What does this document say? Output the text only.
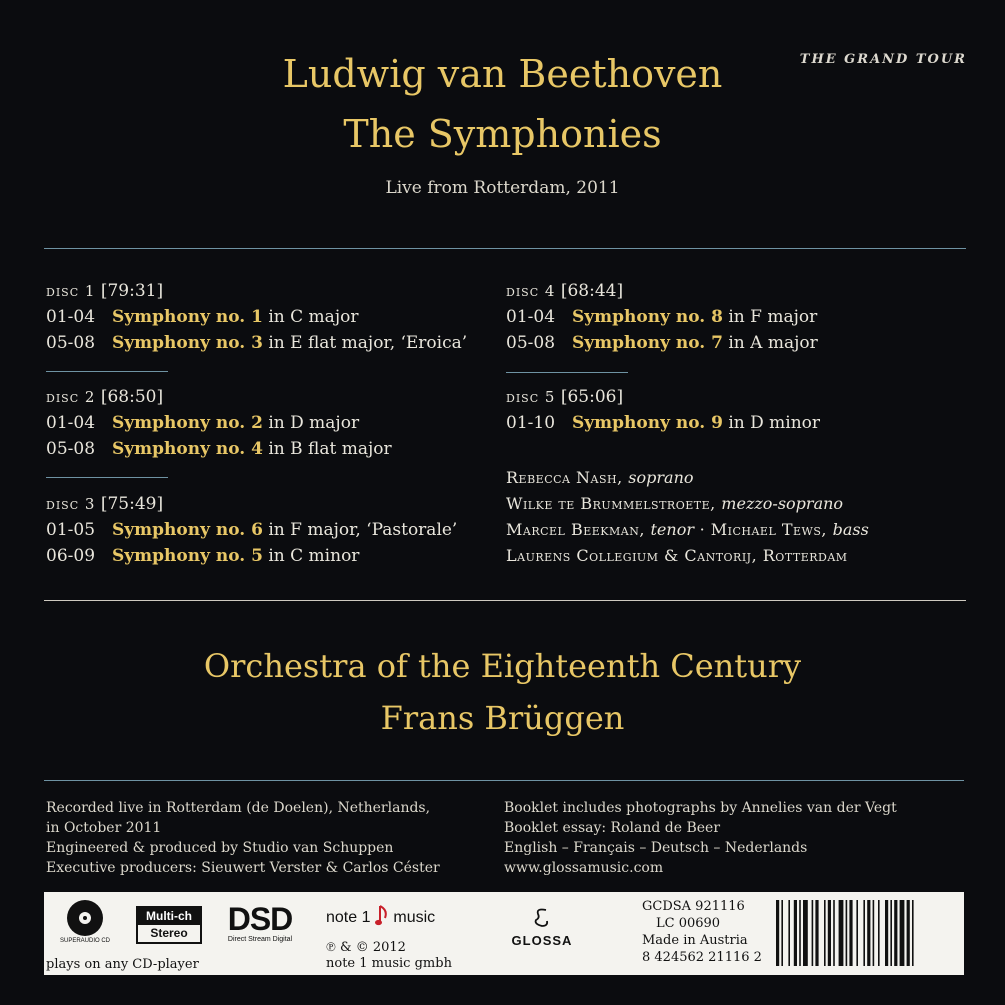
THE GRAND TOUR
Ludwig van Beethoven
The Symphonies
Live from Rotterdam, 2011
disc 1 [79:31]
01-04 Symphony no. 1 in C major
05-08 Symphony no. 3 in E flat major, ‘Eroica’
disc 2 [68:50]
01-04 Symphony no. 2 in D major
05-08 Symphony no. 4 in B flat major
disc 3 [75:49]
01-05 Symphony no. 6 in F major, ‘Pastorale’
06-09 Symphony no. 5 in C minor
disc 4 [68:44]
01-04 Symphony no. 8 in F major
05-08 Symphony no. 7 in A major
disc 5 [65:06]
01-10 Symphony no. 9 in D minor
Rebecca Nash, soprano
Wilke te Brummelstroete, mezzo-soprano
Marcel Beekman, tenor · Michael Tews, bass
Laurens Collegium & Cantorij, Rotterdam
Orchestra of the Eighteenth Century
Frans Brüggen
Recorded live in Rotterdam (de Doelen), Netherlands,
in October 2011
Engineered & produced by Studio van Schuppen
Executive producers: Sieuwert Verster & Carlos Céster
Booklet includes photographs by Annelies van der Vegt
Booklet essay: Roland de Beer
English – Français – Deutsch – Nederlands
www.glossamusic.com
SUPERAUDIO CD
Multi-ch
Stereo	DSD
Direct Stream Digital
note 1 music
℗ & © 2012
note 1 music gmbh
GLOSSA
GCDSA 921116
LC 00690
Made in Austria
8 424562 21116 2
plays on any CD-player
